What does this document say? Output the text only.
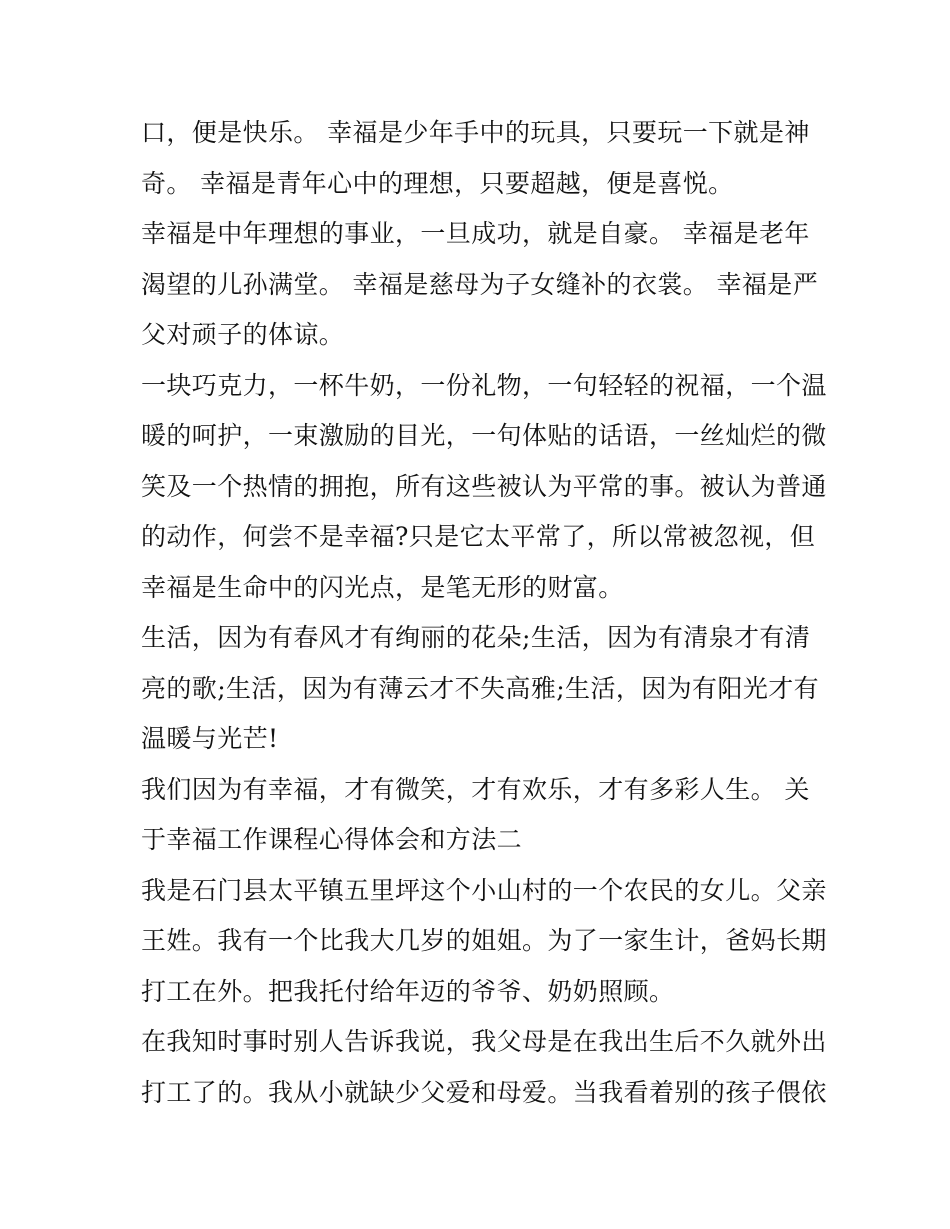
口，便是快乐。 幸福是少年手中的玩具，只要玩一下就是神
奇。 幸福是青年心中的理想，只要超越，便是喜悦。

幸福是中年理想的事业，一旦成功，就是自豪。 幸福是老年
渴望的儿孙满堂。 幸福是慈母为子女缝补的衣裳。 幸福是严
父对顽子的体谅。

一块巧克力，一杯牛奶，一份礼物，一句轻轻的祝福，一个温
暖的呵护，一束激励的目光，一句体贴的话语，一丝灿烂的微
笑及一个热情的拥抱，所有这些被认为平常的事。被认为普通
的动作，何尝不是幸福?只是它太平常了，所以常被忽视，但
幸福是生命中的闪光点，是笔无形的财富。

生活，因为有春风才有绚丽的花朵;生活，因为有清泉才有清
亮的歌;生活，因为有薄云才不失高雅;生活，因为有阳光才有
温暖与光芒!

我们因为有幸福，才有微笑，才有欢乐，才有多彩人生。 关
于幸福工作课程心得体会和方法二

我是石门县太平镇五里坪这个小山村的一个农民的女儿。父亲
王姓。我有一个比我大几岁的姐姐。为了一家生计，爸妈长期
打工在外。把我托付给年迈的爷爷、奶奶照顾。

在我知时事时别人告诉我说，我父母是在我出生后不久就外出
打工了的。我从小就缺少父爱和母爱。当我看着别的孩子偎依
